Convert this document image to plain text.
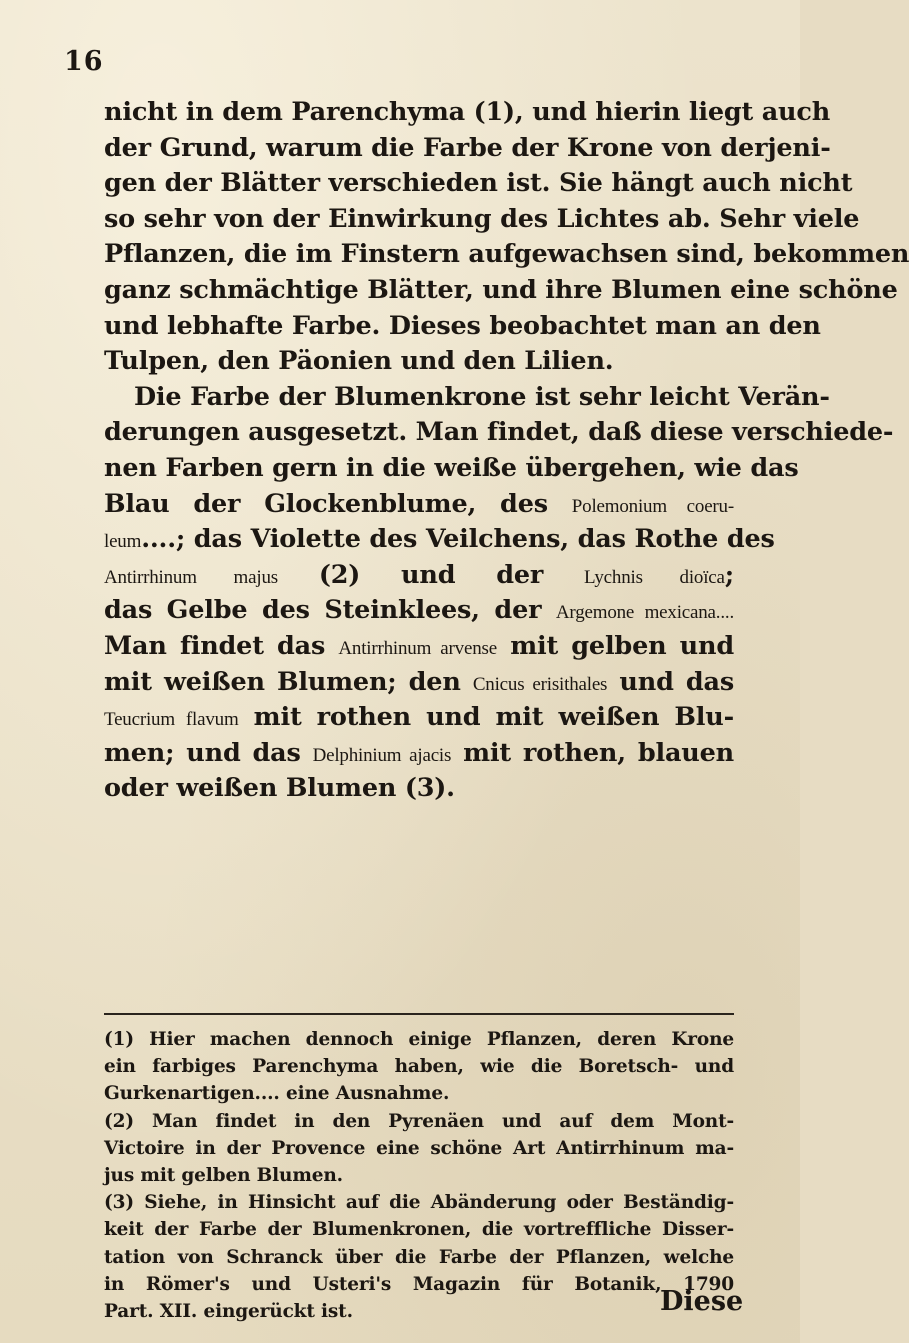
16
nicht in dem Parenchyma (1), und hierin liegt auch
der Grund, warum die Farbe der Krone von derjeni-
gen der Blätter verschieden ist. Sie hängt auch nicht
so sehr von der Einwirkung des Lichtes ab. Sehr viele
Pflanzen, die im Finstern aufgewachsen sind, bekommen
ganz schmächtige Blätter, und ihre Blumen eine schöne
und lebhafte Farbe. Dieses beobachtet man an den
Tulpen, den Päonien und den Lilien.
Die Farbe der Blumenkrone ist sehr leicht Verän-
derungen ausgesetzt. Man findet, daß diese verschiede-
nen Farben gern in die weiße übergehen, wie das
Blau der Glockenblume, des Polemonium coeru-
leum....; das Violette des Veilchens, das Rothe des
Antirrhinum majus (2) und der Lychnis dioïca;
das Gelbe des Steinklees, der Argemone mexicana....
Man findet das Antirrhinum arvense mit gelben und
mit weißen Blumen; den Cnicus erisithales und das
Teucrium flavum mit rothen und mit weißen Blu-
men; und das Delphinium ajacis mit rothen, blauen
oder weißen Blumen (3).
(1) Hier machen dennoch einige Pflanzen, deren Krone
ein farbiges Parenchyma haben, wie die Boretsch- und
Gurkenartigen.... eine Ausnahme.
(2) Man findet in den Pyrenäen und auf dem Mont-
Victoire in der Provence eine schöne Art Antirrhinum ma-
jus mit gelben Blumen.
(3) Siehe, in Hinsicht auf die Abänderung oder Beständig-
keit der Farbe der Blumenkronen, die vortreffliche Disser-
tation von Schranck über die Farbe der Pflanzen, welche
in Römer's und Usteri's Magazin für Botanik, 1790
Part. XII. eingerückt ist.	Diese
